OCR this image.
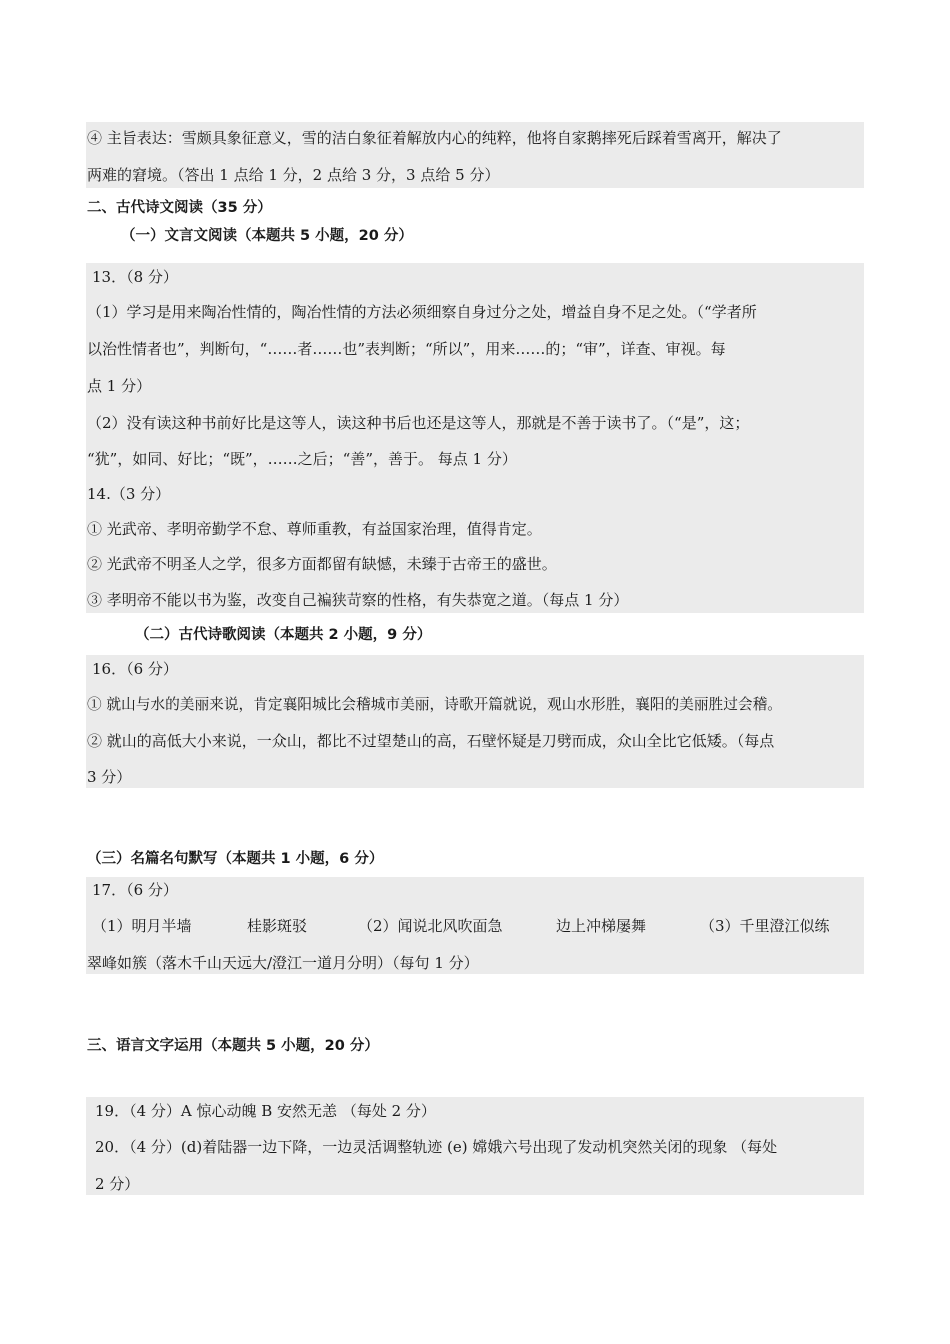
④ 主旨表达：雪颇具象征意义，雪的洁白象征着解放内心的纯粹，他将自家鹅摔死后踩着雪离开，解决了
两难的窘境。（答出 1 点给 1 分，2 点给 3 分，3 点给 5 分）
二、古代诗文阅读（35 分）
（一）文言文阅读（本题共 5 小题，20 分）
13．（8 分）
（1）学习是用来陶冶性情的，陶冶性情的方法必须细察自身过分之处，增益自身不足之处。（“学者所
以治性情者也”，判断句，“……者……也”表判断；“所以”，用来……的；“审”，详查、审视。每
点 1 分）
（2）没有读这种书前好比是这等人，读这种书后也还是这等人，那就是不善于读书了。（“是”，这；
“犹”，如同、好比；“既”，……之后；“善”，善于。 每点 1 分）
14.（3 分）
① 光武帝、孝明帝勤学不怠、尊师重教，有益国家治理，值得肯定。
② 光武帝不明圣人之学，很多方面都留有缺憾，未臻于古帝王的盛世。
③ 孝明帝不能以书为鉴，改变自己褊狭苛察的性格，有失恭宽之道。（每点 1 分）
（二）古代诗歌阅读（本题共 2 小题，9 分）
16．（6 分）
① 就山与水的美丽来说，肯定襄阳城比会稽城市美丽，诗歌开篇就说，观山水形胜，襄阳的美丽胜过会稽。
② 就山的高低大小来说，一众山，都比不过望楚山的高，石壁怀疑是刀劈而成，众山全比它低矮。（每点
3 分）
（三）名篇名句默写（本题共 1 小题，6 分）
17．（6 分）
（1）明月半墙	桂影斑驳	（2）闻说北风吹面急	边上冲梯屡舞	（3）千里澄江似练
翠峰如簇（落木千山天远大/澄江一道月分明）（每句 1 分）
三、语言文字运用（本题共 5 小题，20 分）
19．（4 分）A 惊心动魄 B 安然无恙 （每处 2 分）
20．（4 分）(d)着陆器一边下降，一边灵活调整轨迹 (e) 嫦娥六号出现了发动机突然关闭的现象 （每处
2 分）
